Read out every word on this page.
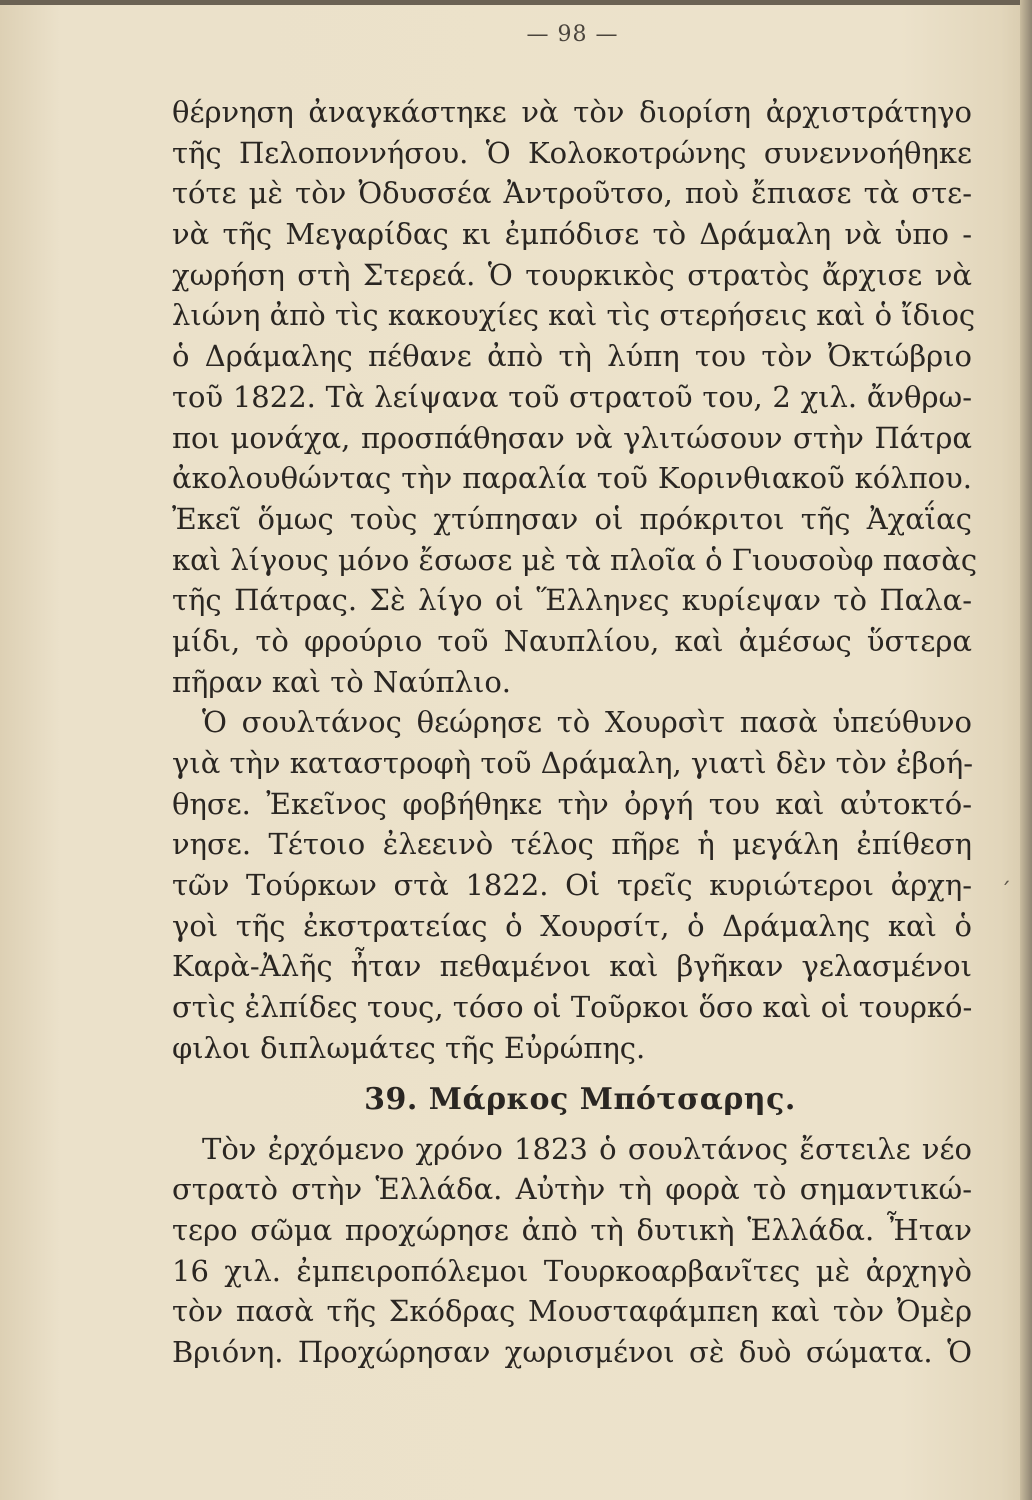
— 98 —
θέρνηση ἀναγκάστηκε νὰ τὸν διορίση ἀρχιστράτηγο
τῆς Πελοποννήσου. Ὁ Κολοκοτρώνης συνεννοήθηκε
τότε μὲ τὸν Ὀδυσσέα Ἀντροῦτσο, ποὺ ἔπιασε τὰ στε-
νὰ τῆς Μεγαρίδας κι ἐμπόδισε τὸ Δράμαλη νὰ ὑπο -
χωρήση στὴ Στερεά. Ὁ τουρκικὸς στρατὸς ἄρχισε νὰ
λιώνη ἀπὸ τὶς κακουχίες καὶ τὶς στερήσεις καὶ ὁ ἴδιος
ὁ Δράμαλης πέθανε ἀπὸ τὴ λύπη του τὸν Ὀκτώβριο
τοῦ 1822. Τὰ λείψανα τοῦ στρατοῦ του, 2 χιλ. ἄνθρω-
ποι μονάχα, προσπάθησαν νὰ γλιτώσουν στὴν Πάτρα
ἀκολουθώντας τὴν παραλία τοῦ Κορινθιακοῦ κόλπου.
Ἐκεῖ ὅμως τοὺς χτύπησαν οἱ πρόκριτοι τῆς Ἀχαΐας
καὶ λίγους μόνο ἔσωσε μὲ τὰ πλοῖα ὁ Γιουσοὺφ πασὰς
τῆς Πάτρας. Σὲ λίγο οἱ Ἕλληνες κυρίεψαν τὸ Παλα-
μίδι, τὸ φρούριο τοῦ Ναυπλίου, καὶ ἀμέσως ὕστερα
πῆραν καὶ τὸ Ναύπλιο.
Ὁ σουλτάνος θεώρησε τὸ Χουρσὶτ πασὰ ὑπεύθυνο
γιὰ τὴν καταστροφὴ τοῦ Δράμαλη, γιατὶ δὲν τὸν ἐβοή-
θησε. Ἐκεῖνος φοβήθηκε τὴν ὀργή του καὶ αὐτοκτό-
νησε. Τέτοιο ἐλεεινὸ τέλος πῆρε ἡ μεγάλη ἐπίθεση
τῶν Τούρκων στὰ 1822. Οἱ τρεῖς κυριώτεροι ἀρχη-
γοὶ τῆς ἐκστρατείας ὁ Χουρσίτ, ὁ Δράμαλης καὶ ὁ
Καρὰ-Ἀλῆς ἦταν πεθαμένοι καὶ βγῆκαν γελασμένοι
στὶς ἐλπίδες τους, τόσο οἱ Τοῦρκοι ὅσο καὶ οἱ τουρκό-
φιλοι διπλωμάτες τῆς Εὐρώπης.
39. Μάρκος Μπότσαρης.
Τὸν ἐρχόμενο χρόνο 1823 ὁ σουλτάνος ἔστειλε νέο
στρατὸ στὴν Ἑλλάδα. Αὐτὴν τὴ φορὰ τὸ σημαντικώ-
τερο σῶμα προχώρησε ἀπὸ τὴ δυτικὴ Ἑλλάδα. Ἦταν
16 χιλ. ἐμπειροπόλεμοι Τουρκοαρβανῖτες μὲ ἀρχηγὸ
τὸν πασὰ τῆς Σκόδρας Μουσταφάμπεη καὶ τὸν Ὀμὲρ
Βριόνη. Προχώρησαν χωρισμένοι σὲ δυὸ σώματα. Ὁ
´
